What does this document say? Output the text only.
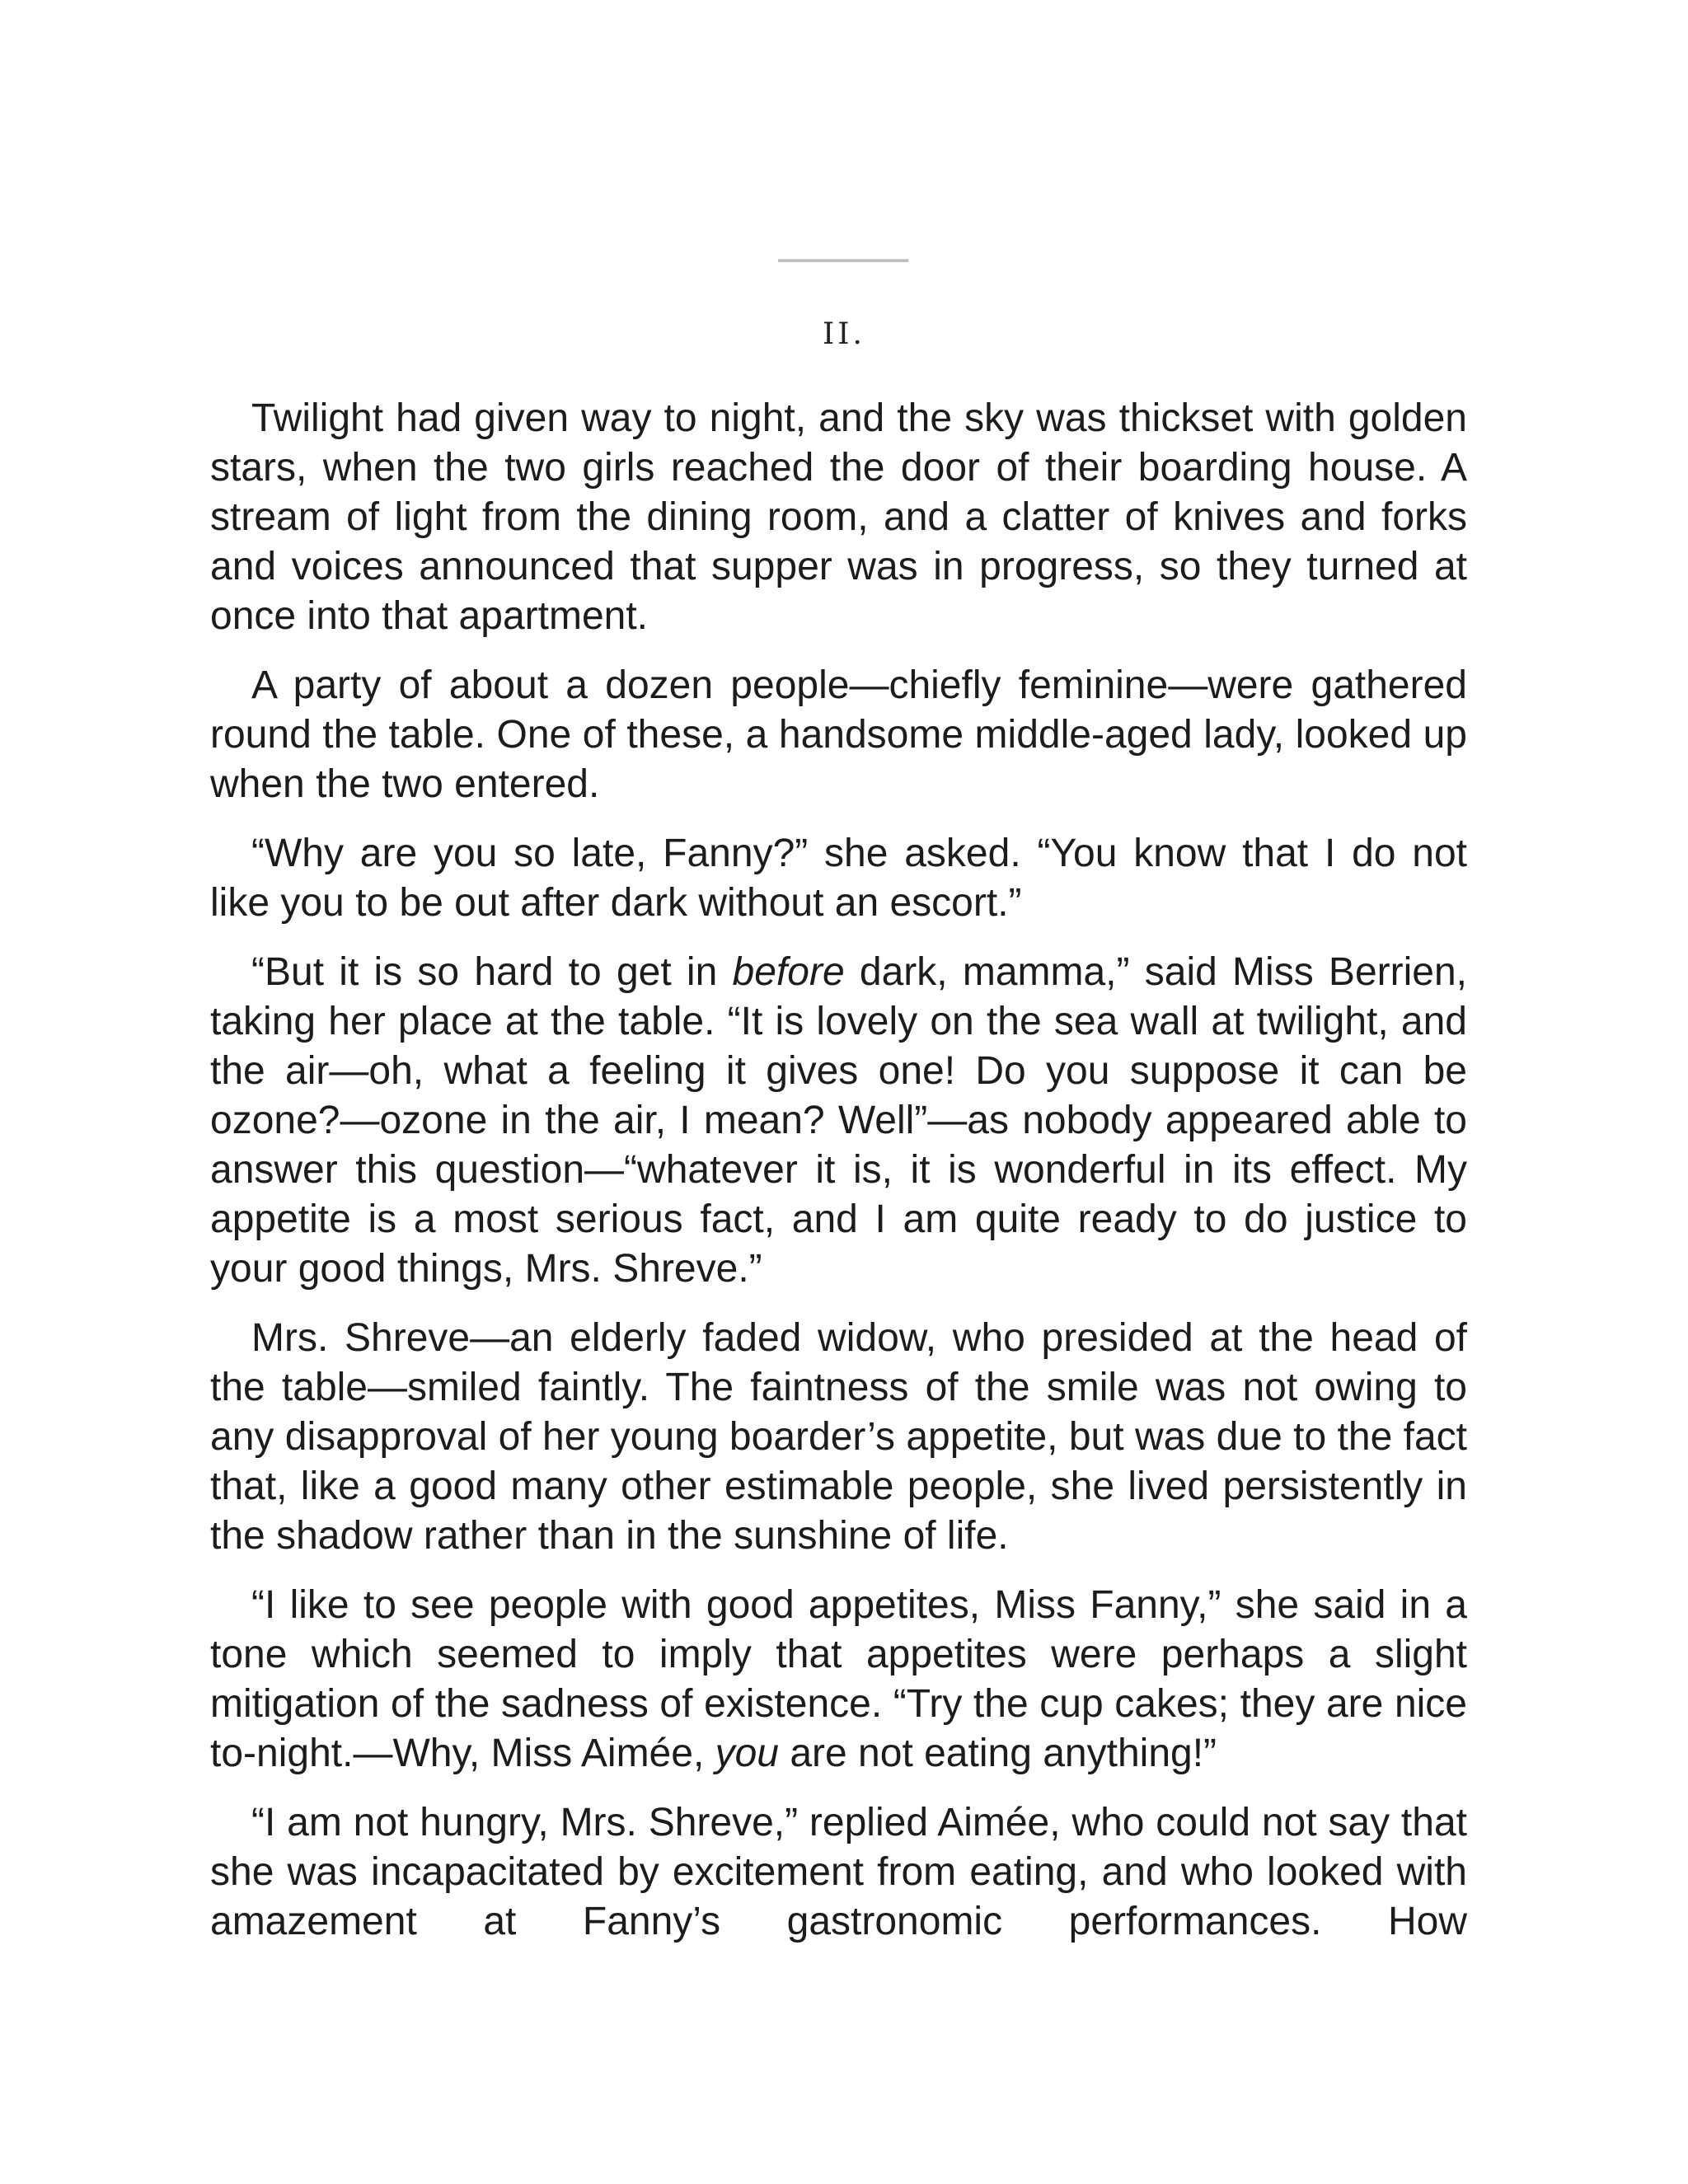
II.

Twilight had given way to night, and the sky was thickset with golden stars, when the two girls reached the door of their boarding house. A stream of light from the dining room, and a clatter of knives and forks and voices announced that supper was in progress, so they turned at once into that apartment.

A party of about a dozen people—chiefly feminine—were gathered round the table. One of these, a handsome middle-aged lady, looked up when the two entered.

“Why are you so late, Fanny?” she asked. “You know that I do not like you to be out after dark without an escort.”

“But it is so hard to get in before dark, mamma,” said Miss Berrien, taking her place at the table. “It is lovely on the sea wall at twilight, and the air—oh, what a feeling it gives one! Do you suppose it can be ozone?—ozone in the air, I mean? Well”—as nobody appeared able to answer this question—“whatever it is, it is wonderful in its effect. My appetite is a most serious fact, and I am quite ready to do justice to your good things, Mrs. Shreve.”

Mrs. Shreve—an elderly faded widow, who presided at the head of the table—smiled faintly. The faintness of the smile was not owing to any disapproval of her young boarder’s appetite, but was due to the fact that, like a good many other estimable people, she lived persistently in the shadow rather than in the sunshine of life.

“I like to see people with good appetites, Miss Fanny,” she said in a tone which seemed to imply that appetites were perhaps a slight mitigation of the sadness of existence. “Try the cup cakes; they are nice to-night.—Why, Miss Aimée, you are not eating anything!”

“I am not hungry, Mrs. Shreve,” replied Aimée, who could not say that she was incapacitated by excitement from eating, and who looked with amazement at Fanny’s gastronomic performances. How
